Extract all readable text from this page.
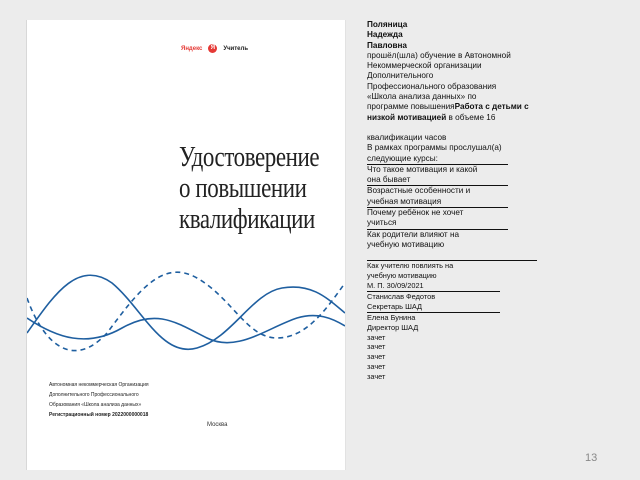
Яндекс	Я	Учитель
Удостоверение
о повышении
квалификации
Автономная некоммерческая Организация
Дополнительного Профессионального
Образования «Школа анализа данных»
Регистрационный номер 2022000000018
Москва
Поляница
Надежда
Павловна
прошёл(шла) обучение в Автономной
Некоммерческой организации
Дополнительного
Профессионального образования
«Школа анализа данных» по
программе повышенияРабота с детьми с
низкой мотивацией в объеме 16
квалификации часов
В рамках программы прослушал(а)
следующие курсы:
Что такое мотивация и какой
она бывает
Возрастные особенности и
учебная мотивация
Почему ребёнок не хочет
учиться
Как родители влияют на
учебную мотивацию
Как учителю повлиять на
учебную мотивацию
М. П. 30/09/2021
Станислав Федотов
Секретарь ШАД
Елена Бунина
Директор ШАД
зачет
зачет
зачет
зачет
зачет
13
